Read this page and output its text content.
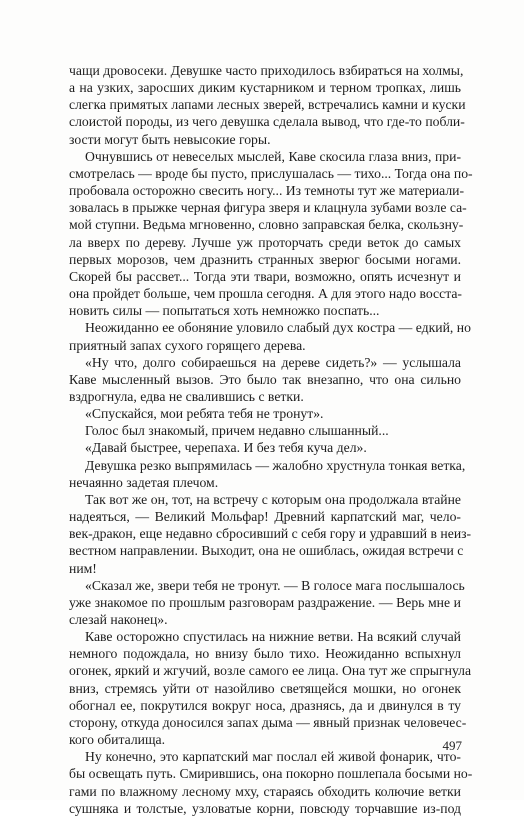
чащи дровосеки. Девушке часто приходилось взбираться на холмы,
а на узких, заросших диким кустарником и терном тропках, лишь
слегка примятых лапами лесных зверей, встречались камни и куски
слоистой породы, из чего девушка сделала вывод, что где-то побли-
зости могут быть невысокие горы.
Очнувшись от невеселых мыслей, Каве скосила глаза вниз, при-
смотрелась — вроде бы пусто, прислушалась — тихо... Тогда она по-
пробовала осторожно свесить ногу... Из темноты тут же материали-
зовалась в прыжке черная фигура зверя и клацнула зубами возле са-
мой ступни. Ведьма мгновенно, словно заправская белка, скользну-
ла вверх по дереву. Лучше уж проторчать среди веток до самых
первых морозов, чем дразнить странных зверюг босыми ногами.
Скорей бы рассвет... Тогда эти твари, возможно, опять исчезнут и
она пройдет больше, чем прошла сегодня. А для этого надо восста-
новить силы — попытаться хоть немножко поспать...
Неожиданно ее обоняние уловило слабый дух костра — едкий, но
приятный запах сухого горящего дерева.
«Ну что, долго собираешься на дереве сидеть?» — услышала
Каве мысленный вызов. Это было так внезапно, что она сильно
вздрогнула, едва не свалившись с ветки.
«Спускайся, мои ребята тебя не тронут».
Голос был знакомый, причем недавно слышанный...
«Давай быстрее, черепаха. И без тебя куча дел».
Девушка резко выпрямилась — жалобно хрустнула тонкая ветка,
нечаянно задетая плечом.
Так вот же он, тот, на встречу с которым она продолжала втайне
надеяться, — Великий Мольфар! Древний карпатский маг, чело-
век-дракон, еще недавно сбросивший с себя гору и удравший в неиз-
вестном направлении. Выходит, она не ошиблась, ожидая встречи с
ним!
«Сказал же, звери тебя не тронут. — В голосе мага послышалось
уже знакомое по прошлым разговорам раздражение. — Верь мне и
слезай наконец».
Каве осторожно спустилась на нижние ветви. На всякий случай
немного подождала, но внизу было тихо. Неожиданно вспыхнул
огонек, яркий и жгучий, возле самого ее лица. Она тут же спрыгнула
вниз, стремясь уйти от назойливо светящейся мошки, но огонек
обогнал ее, покрутился вокруг носа, дразнясь, да и двинулся в ту
сторону, откуда доносился запах дыма — явный признак человечес-
кого обиталища.
Ну конечно, это карпатский маг послал ей живой фонарик, что-
бы освещать путь. Смирившись, она покорно пошлепала босыми но-
гами по влажному лесному мху, стараясь обходить колючие ветки
сушняка и толстые, узловатые корни, повсюду торчавшие из-под
497
